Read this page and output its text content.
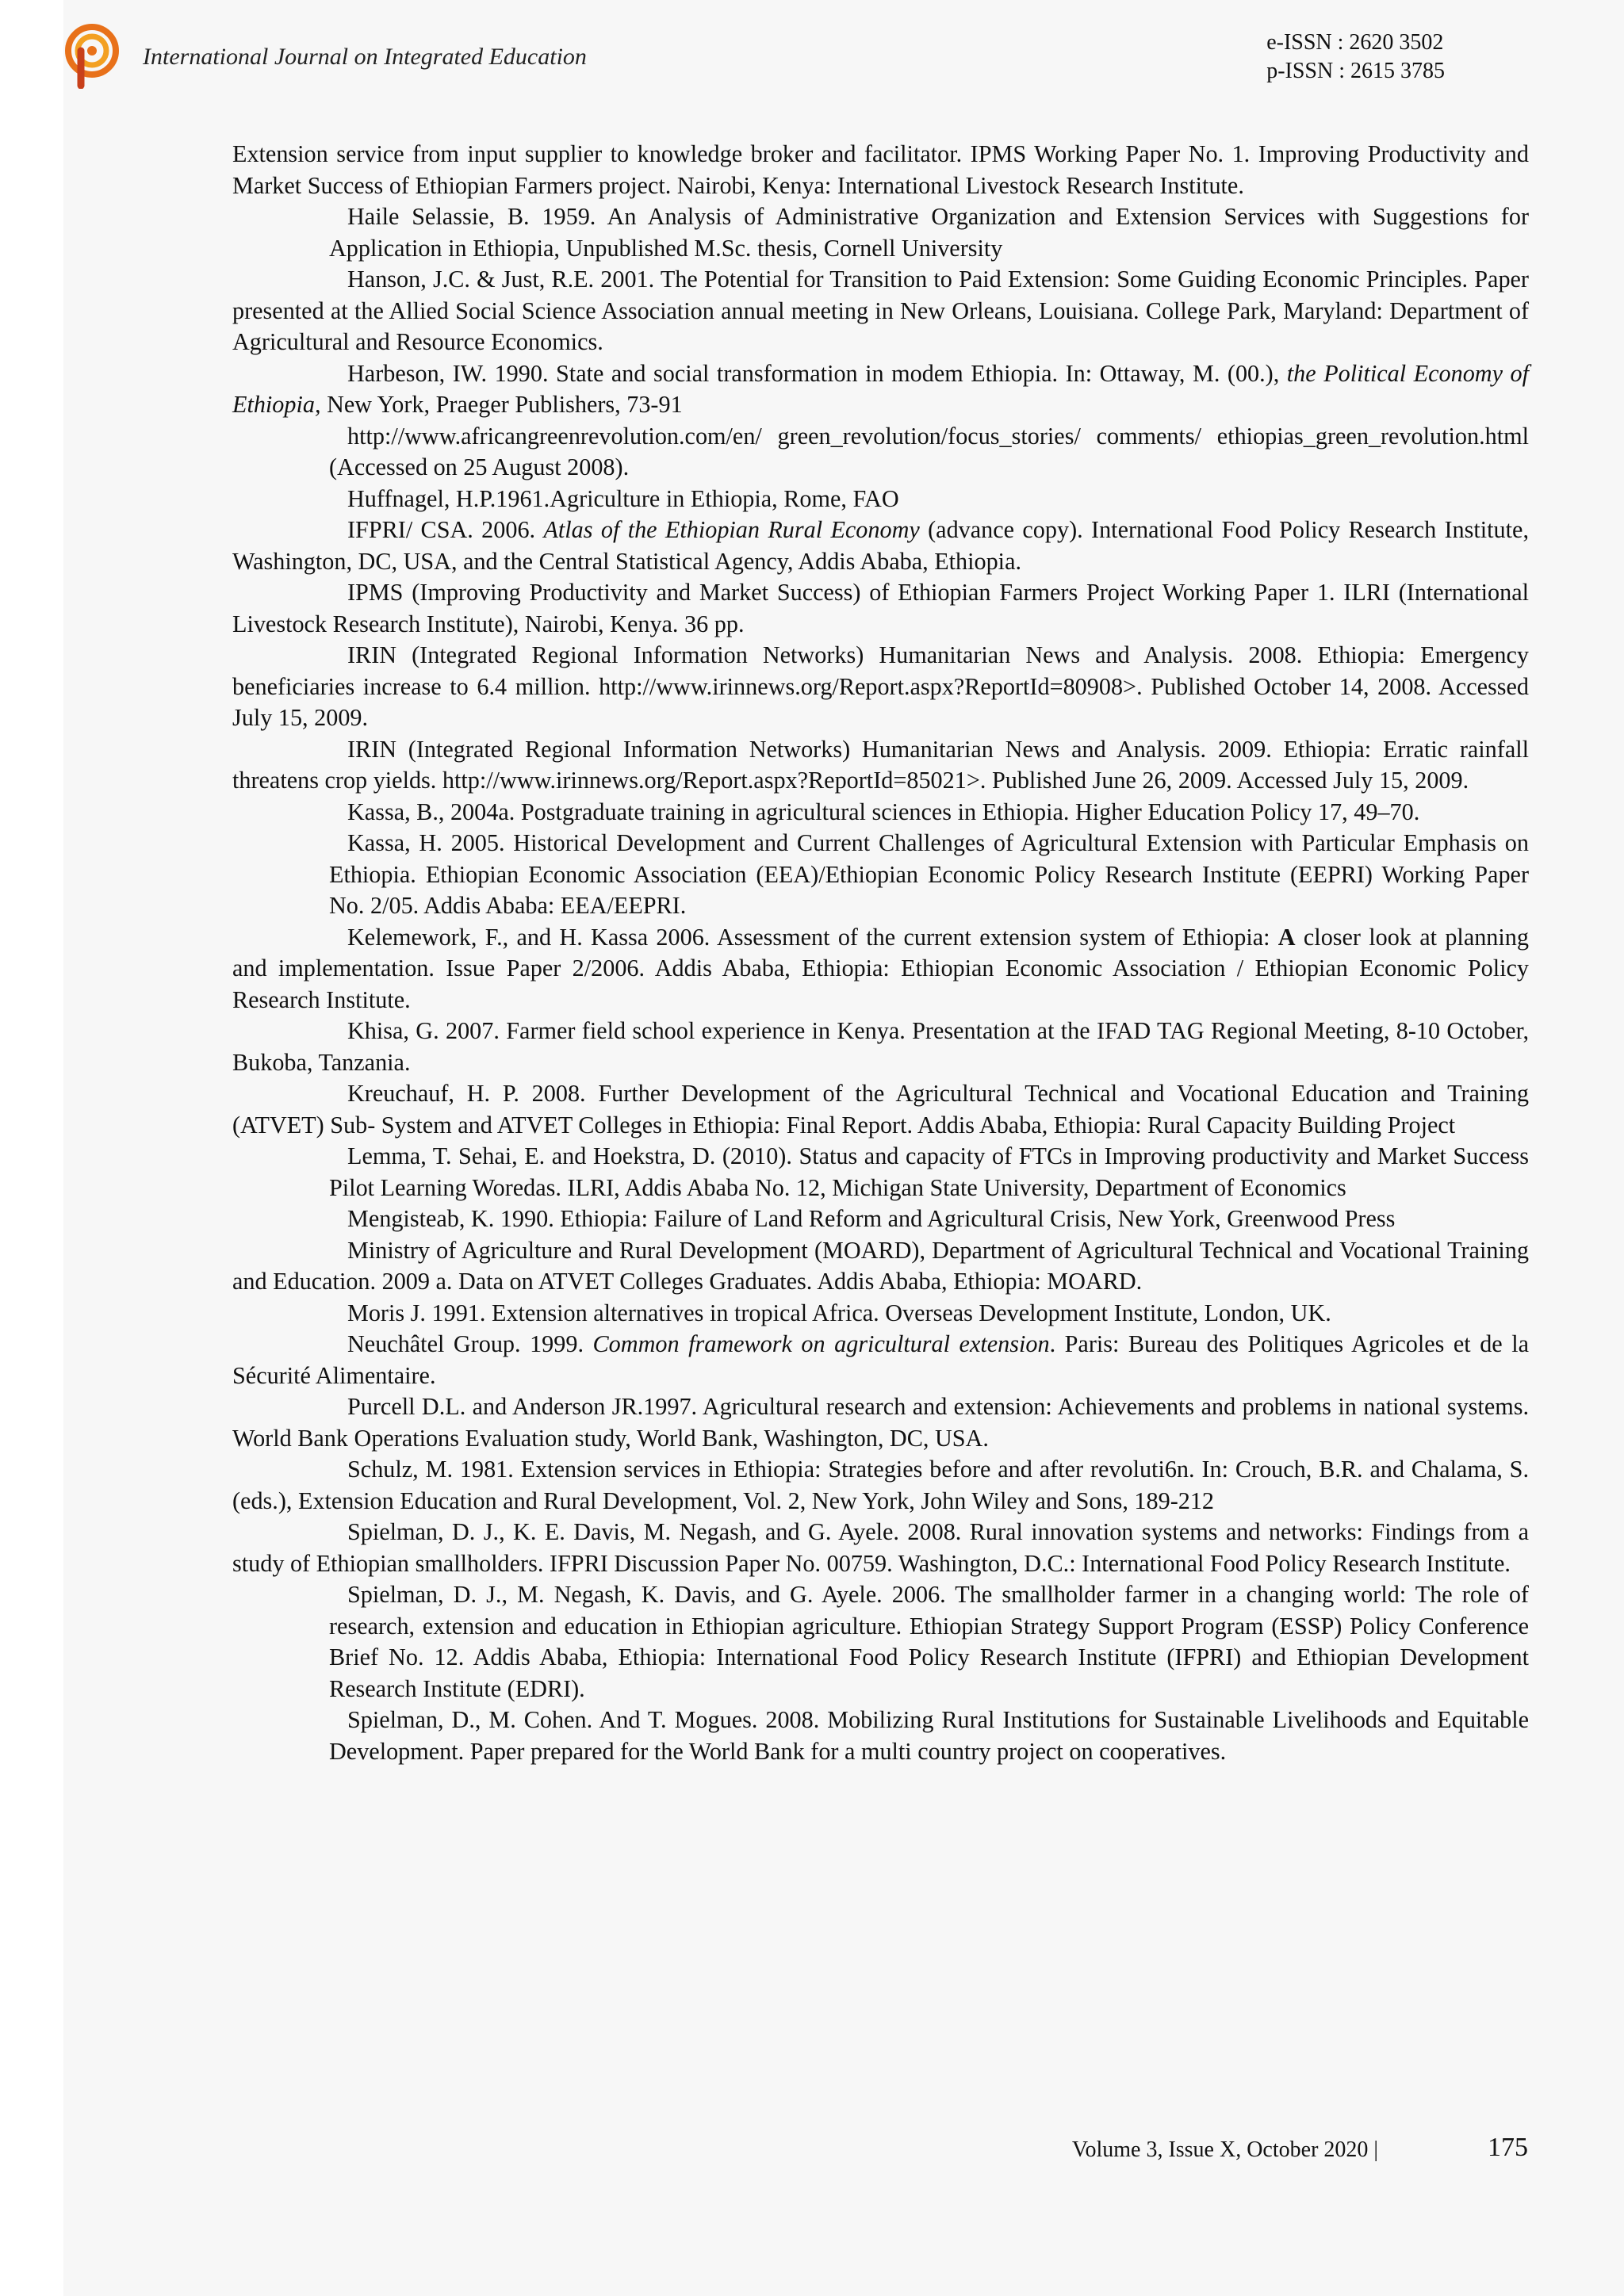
International Journal on Integrated Education
e-ISSN : 2620 3502
p-ISSN : 2615 3785

Extension service from input supplier to knowledge broker and facilitator. IPMS Working Paper No. 1. Improving Productivity and Market Success of Ethiopian Farmers project. Nairobi, Kenya: International Livestock Research Institute.

Haile Selassie, B. 1959. An Analysis of Administrative Organization and Extension Services with Suggestions for Application in Ethiopia, Unpublished M.Sc. thesis, Cornell University

Hanson, J.C. & Just, R.E. 2001. The Potential for Transition to Paid Extension: Some Guiding Economic Principles. Paper presented at the Allied Social Science Association annual meeting in New Orleans, Louisiana. College Park, Maryland: Department of Agricultural and Resource Economics.

Harbeson, IW. 1990. State and social transformation in modem Ethiopia. In: Ottaway, M. (00.), the Political Economy of Ethiopia, New York, Praeger Publishers, 73-91

http://www.africangreenrevolution.com/en/ green_revolution/focus_stories/ comments/ ethiopias_green_revolution.html (Accessed on 25 August 2008).

Huffnagel, H.P.1961.Agriculture in Ethiopia, Rome, FAO

IFPRI/ CSA. 2006. Atlas of the Ethiopian Rural Economy (advance copy). International Food Policy Research Institute, Washington, DC, USA, and the Central Statistical Agency, Addis Ababa, Ethiopia.

IPMS (Improving Productivity and Market Success) of Ethiopian Farmers Project Working Paper 1. ILRI (International Livestock Research Institute), Nairobi, Kenya. 36 pp.

IRIN (Integrated Regional Information Networks) Humanitarian News and Analysis. 2008. Ethiopia: Emergency beneficiaries increase to 6.4 million. http://www.irinnews.org/Report.aspx?ReportId=80908>. Published October 14, 2008. Accessed July 15, 2009.

IRIN (Integrated Regional Information Networks) Humanitarian News and Analysis. 2009. Ethiopia: Erratic rainfall threatens crop yields. http://www.irinnews.org/Report.aspx?ReportId=85021>. Published June 26, 2009. Accessed July 15, 2009.

Kassa, B., 2004a. Postgraduate training in agricultural sciences in Ethiopia. Higher Education Policy 17, 49–70.

Kassa, H. 2005. Historical Development and Current Challenges of Agricultural Extension with Particular Emphasis on Ethiopia. Ethiopian Economic Association (EEA)/Ethiopian Economic Policy Research Institute (EEPRI) Working Paper No. 2/05. Addis Ababa: EEA/EEPRI.

Kelemework, F., and H. Kassa 2006. Assessment of the current extension system of Ethiopia: A closer look at planning and implementation. Issue Paper 2/2006. Addis Ababa, Ethiopia: Ethiopian Economic Association / Ethiopian Economic Policy Research Institute.

Khisa, G. 2007. Farmer field school experience in Kenya. Presentation at the IFAD TAG Regional Meeting, 8-10 October, Bukoba, Tanzania.

Kreuchauf, H. P. 2008. Further Development of the Agricultural Technical and Vocational Education and Training (ATVET) Sub- System and ATVET Colleges in Ethiopia: Final Report. Addis Ababa, Ethiopia: Rural Capacity Building Project

Lemma, T. Sehai, E. and Hoekstra, D. (2010). Status and capacity of FTCs in Improving productivity and Market Success Pilot Learning Woredas. ILRI, Addis Ababa No. 12, Michigan State University, Department of Economics

Mengisteab, K. 1990. Ethiopia: Failure of Land Reform and Agricultural Crisis, New York, Greenwood Press

Ministry of Agriculture and Rural Development (MOARD), Department of Agricultural Technical and Vocational Training and Education. 2009 a. Data on ATVET Colleges Graduates. Addis Ababa, Ethiopia: MOARD.

Moris J. 1991. Extension alternatives in tropical Africa. Overseas Development Institute, London, UK.

Neuchâtel Group. 1999. Common framework on agricultural extension. Paris: Bureau des Politiques Agricoles et de la Sécurité Alimentaire.

Purcell D.L. and Anderson JR.1997. Agricultural research and extension: Achievements and problems in national systems. World Bank Operations Evaluation study, World Bank, Washington, DC, USA.

Schulz, M. 1981. Extension services in Ethiopia: Strategies before and after revoluti6n. In: Crouch, B.R. and Chalama, S. (eds.), Extension Education and Rural Development, Vol. 2, New York, John Wiley and Sons, 189-212

Spielman, D. J., K. E. Davis, M. Negash, and G. Ayele. 2008. Rural innovation systems and networks: Findings from a study of Ethiopian smallholders. IFPRI Discussion Paper No. 00759. Washington, D.C.: International Food Policy Research Institute.

Spielman, D. J., M. Negash, K. Davis, and G. Ayele. 2006. The smallholder farmer in a changing world: The role of research, extension and education in Ethiopian agriculture. Ethiopian Strategy Support Program (ESSP) Policy Conference Brief No. 12. Addis Ababa, Ethiopia: International Food Policy Research Institute (IFPRI) and Ethiopian Development Research Institute (EDRI).

Spielman, D., M. Cohen. And T. Mogues. 2008. Mobilizing Rural Institutions for Sustainable Livelihoods and Equitable Development. Paper prepared for the World Bank for a multi country project on cooperatives.

Volume 3, Issue X, October 2020 |	175
